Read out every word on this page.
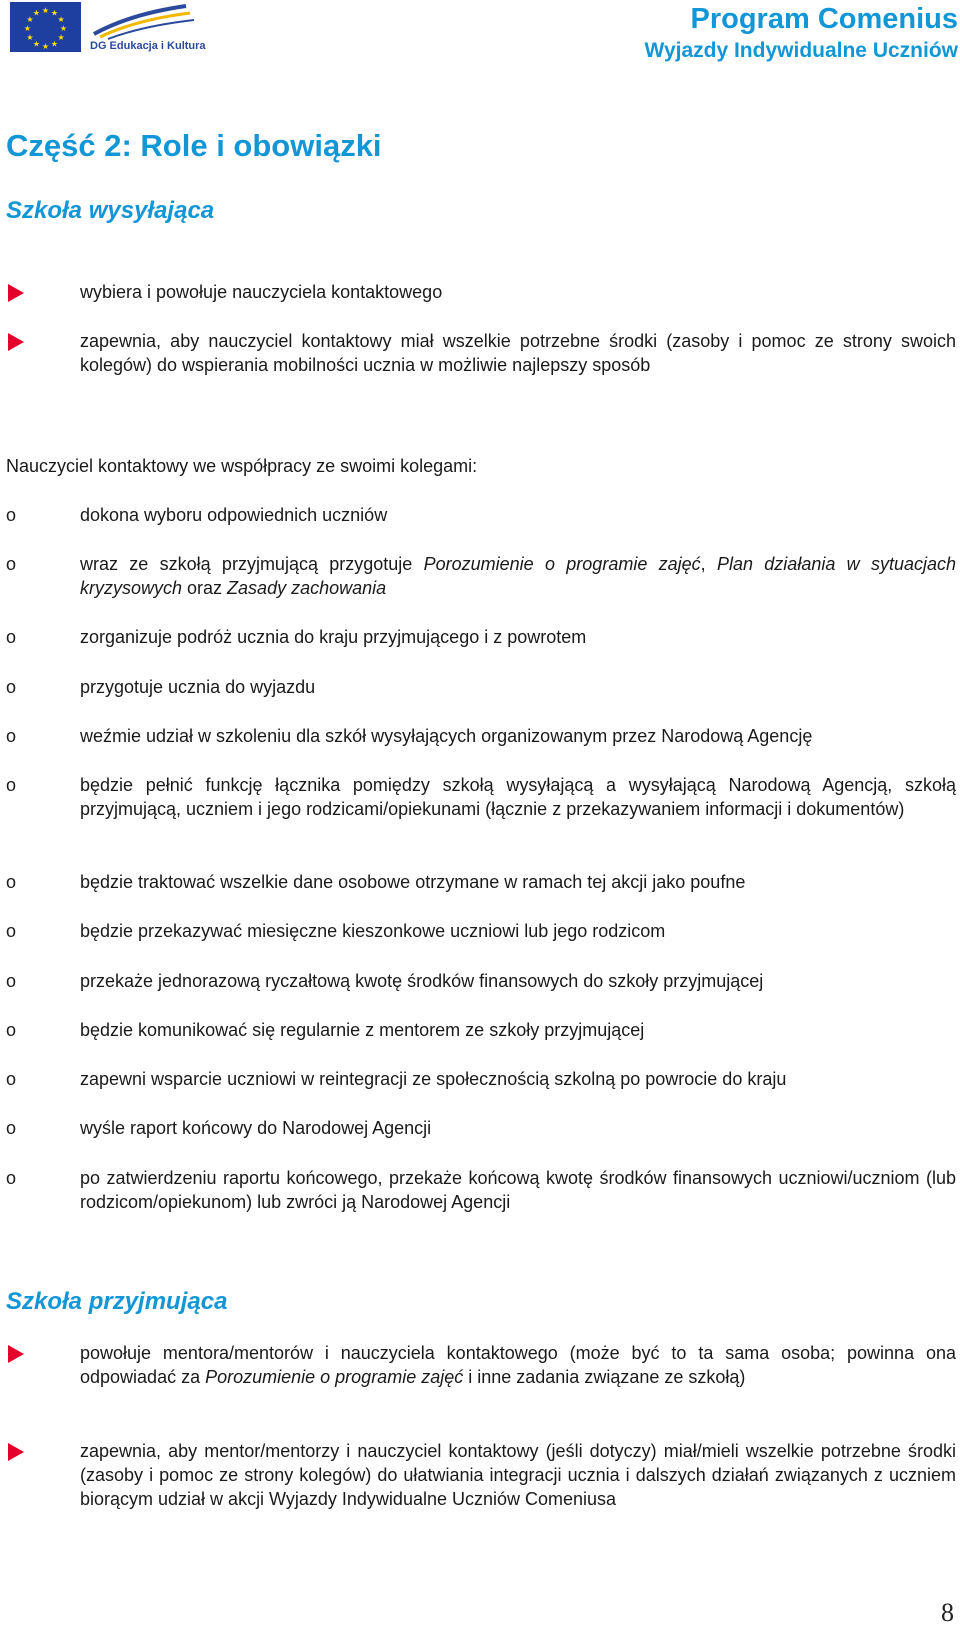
★ ★
★
★
★
★
★
★
★
★
★
★
DG Edukacja i Kultura
Program Comenius
Wyjazdy Indywidualne Uczniów
Część 2: Role i obowiązki
Szkoła wysyłająca
wybiera i powołuje nauczyciela kontaktowego
zapewnia, aby nauczyciel kontaktowy miał wszelkie potrzebne środki (zasoby i pomoc ze strony swoich kolegów) do wspierania mobilności ucznia w możliwie najlepszy sposób
Nauczyciel kontaktowy we współpracy ze swoimi kolegami:
o	dokona wyboru odpowiednich uczniów
o	wraz ze szkołą przyjmującą przygotuje Porozumienie o programie zajęć, Plan działania w sytuacjach kryzysowych oraz Zasady zachowania
o	zorganizuje podróż ucznia do kraju przyjmującego i z powrotem
o	przygotuje ucznia do wyjazdu
o	weźmie udział w szkoleniu dla szkół wysyłających organizowanym przez Narodową Agencję
o	będzie pełnić funkcję łącznika pomiędzy szkołą wysyłającą a wysyłającą Narodową Agencją, szkołą przyjmującą, uczniem i jego rodzicami/opiekunami (łącznie z przekazywaniem informacji i dokumentów)
o	będzie traktować wszelkie dane osobowe otrzymane w ramach tej akcji jako poufne
o	będzie przekazywać miesięczne kieszonkowe uczniowi lub jego rodzicom
o	przekaże jednorazową ryczałtową kwotę środków finansowych do szkoły przyjmującej
o	będzie komunikować się regularnie z mentorem ze szkoły przyjmującej
o	zapewni wsparcie uczniowi w reintegracji ze społecznością szkolną po powrocie do kraju
o	wyśle raport końcowy do Narodowej Agencji
o	po zatwierdzeniu raportu końcowego, przekaże końcową kwotę środków finansowych uczniowi/uczniom (lub rodzicom/opiekunom) lub zwróci ją Narodowej Agencji
Szkoła przyjmująca
powołuje mentora/mentorów i nauczyciela kontaktowego (może być to ta sama osoba; powinna ona odpowiadać za Porozumienie o programie zajęć i inne zadania związane ze szkołą)
zapewnia, aby mentor/mentorzy i nauczyciel kontaktowy (jeśli dotyczy) miał/mieli wszelkie potrzebne środki (zasoby i pomoc ze strony kolegów) do ułatwiania integracji ucznia i dalszych działań związanych z uczniem biorącym udział w akcji Wyjazdy Indywidualne Uczniów Comeniusa
8
